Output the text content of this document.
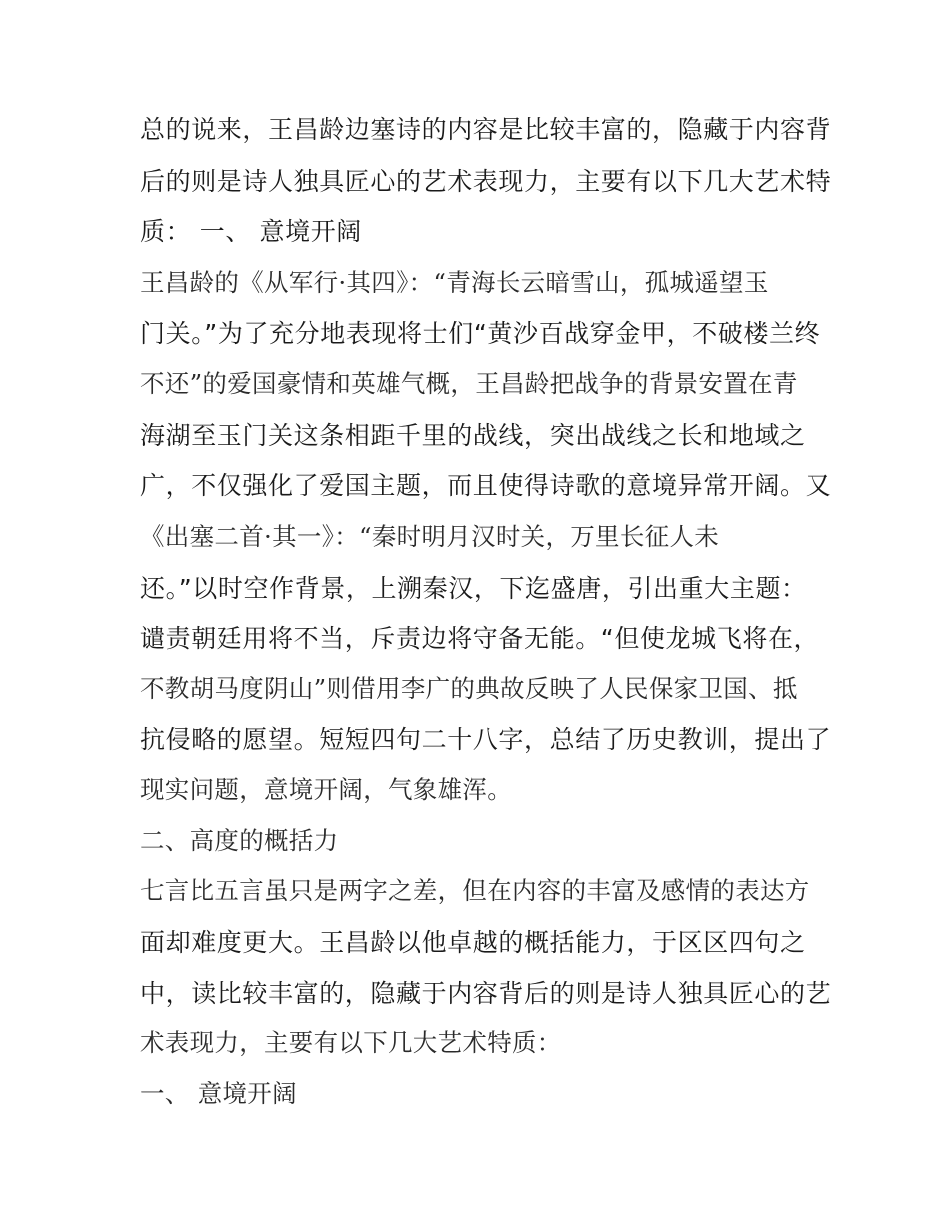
总的说来，王昌龄边塞诗的内容是比较丰富的，隐藏于内容背
后的则是诗人独具匠心的艺术表现力，主要有以下几大艺术特
质： 一、 意境开阔
王昌龄的《从军行·其四》：“青海长云暗雪山，孤城遥望玉
门关。”为了充分地表现将士们“黄沙百战穿金甲，不破楼兰终
不还”的爱国豪情和英雄气概，王昌龄把战争的背景安置在青
海湖至玉门关这条相距千里的战线，突出战线之长和地域之
广，不仅强化了爱国主题，而且使得诗歌的意境异常开阔。又
《出塞二首·其一》：“秦时明月汉时关，万里长征人未
还。”以时空作背景，上溯秦汉，下迄盛唐，引出重大主题：
谴责朝廷用将不当，斥责边将守备无能。“但使龙城飞将在，
不教胡马度阴山”则借用李广的典故反映了人民保家卫国、抵
抗侵略的愿望。短短四句二十八字，总结了历史教训，提出了
现实问题，意境开阔，气象雄浑。
二、高度的概括力
七言比五言虽只是两字之差，但在内容的丰富及感情的表达方
面却难度更大。王昌龄以他卓越的概括能力，于区区四句之
中，读比较丰富的，隐藏于内容背后的则是诗人独具匠心的艺
术表现力，主要有以下几大艺术特质：
一、 意境开阔
